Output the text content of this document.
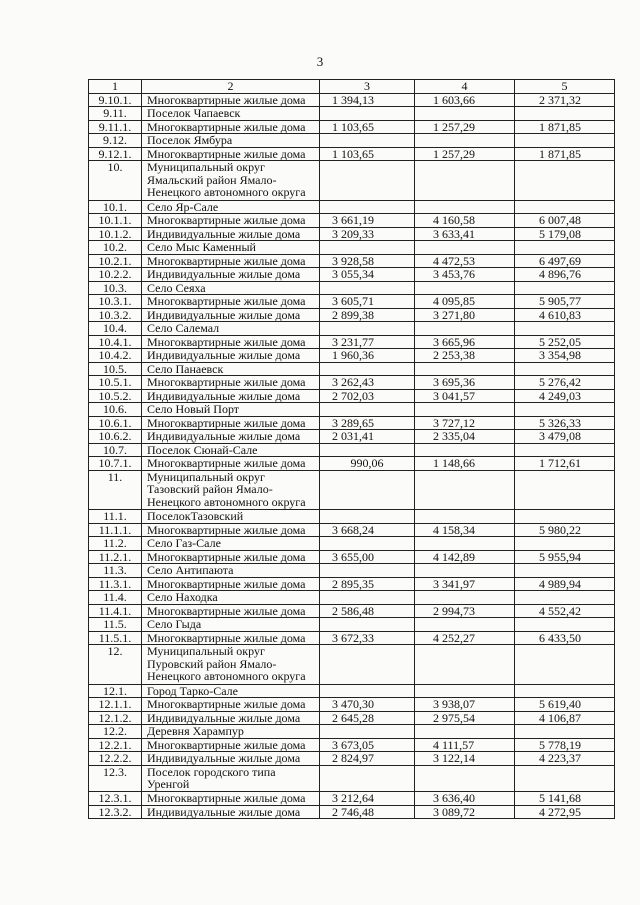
3
1	2	3	4	5
9.10.1.	Многоквартирные жилые дома	1 394,13	1 603,66	2 371,32
9.11.	Поселок Чапаевск			
9.11.1.	Многоквартирные жилые дома	1 103,65	1 257,29	1 871,85
9.12.	Поселок Ямбура			
9.12.1.	Многоквартирные жилые дома	1 103,65	1 257,29	1 871,85
10.	Муниципальный округ Ямальский район Ямало-Ненецкого автономного округа			
10.1.	Село Яр-Сале			
10.1.1.	Многоквартирные жилые дома	3 661,19	4 160,58	6 007,48
10.1.2.	Индивидуальные жилые дома	3 209,33	3 633,41	5 179,08
10.2.	Село Мыс Каменный			
10.2.1.	Многоквартирные жилые дома	3 928,58	4 472,53	6 497,69
10.2.2.	Индивидуальные жилые дома	3 055,34	3 453,76	4 896,76
10.3.	Село Сеяха			
10.3.1.	Многоквартирные жилые дома	3 605,71	4 095,85	5 905,77
10.3.2.	Индивидуальные жилые дома	2 899,38	3 271,80	4 610,83
10.4.	Село Салемал			
10.4.1.	Многоквартирные жилые дома	3 231,77	3 665,96	5 252,05
10.4.2.	Индивидуальные жилые дома	1 960,36	2 253,38	3 354,98
10.5.	Село Панаевск			
10.5.1.	Многоквартирные жилые дома	3 262,43	3 695,36	5 276,42
10.5.2.	Индивидуальные жилые дома	2 702,03	3 041,57	4 249,03
10.6.	Село Новый Порт			
10.6.1.	Многоквартирные жилые дома	3 289,65	3 727,12	5 326,33
10.6.2.	Индивидуальные жилые дома	2 031,41	2 335,04	3 479,08
10.7.	Поселок Сюнай-Сале			
10.7.1.	Многоквартирные жилые дома	990,06	1 148,66	1 712,61
11.	Муниципальный округ Тазовский район Ямало-Ненецкого автономного округа			
11.1.	ПоселокТазовский			
11.1.1.	Многоквартирные жилые дома	3 668,24	4 158,34	5 980,22
11.2.	Село Газ-Сале			
11.2.1.	Многоквартирные жилые дома	3 655,00	4 142,89	5 955,94
11.3.	Село Антипаюта			
11.3.1.	Многоквартирные жилые дома	2 895,35	3 341,97	4 989,94
11.4.	Село Находка			
11.4.1.	Многоквартирные жилые дома	2 586,48	2 994,73	4 552,42
11.5.	Село Гыда			
11.5.1.	Многоквартирные жилые дома	3 672,33	4 252,27	6 433,50
12.	Муниципальный округ Пуровский район Ямало-Ненецкого автономного округа			
12.1.	Город Тарко-Сале			
12.1.1.	Многоквартирные жилые дома	3 470,30	3 938,07	5 619,40
12.1.2.	Индивидуальные жилые дома	2 645,28	2 975,54	4 106,87
12.2.	Деревня Харампур			
12.2.1.	Многоквартирные жилые дома	3 673,05	4 111,57	5 778,19
12.2.2.	Индивидуальные жилые дома	2 824,97	3 122,14	4 223,37
12.3.	Поселок городского типа Уренгой			
12.3.1.	Многоквартирные жилые дома	3 212,64	3 636,40	5 141,68
12.3.2.	Индивидуальные жилые дома	2 746,48	3 089,72	4 272,95
